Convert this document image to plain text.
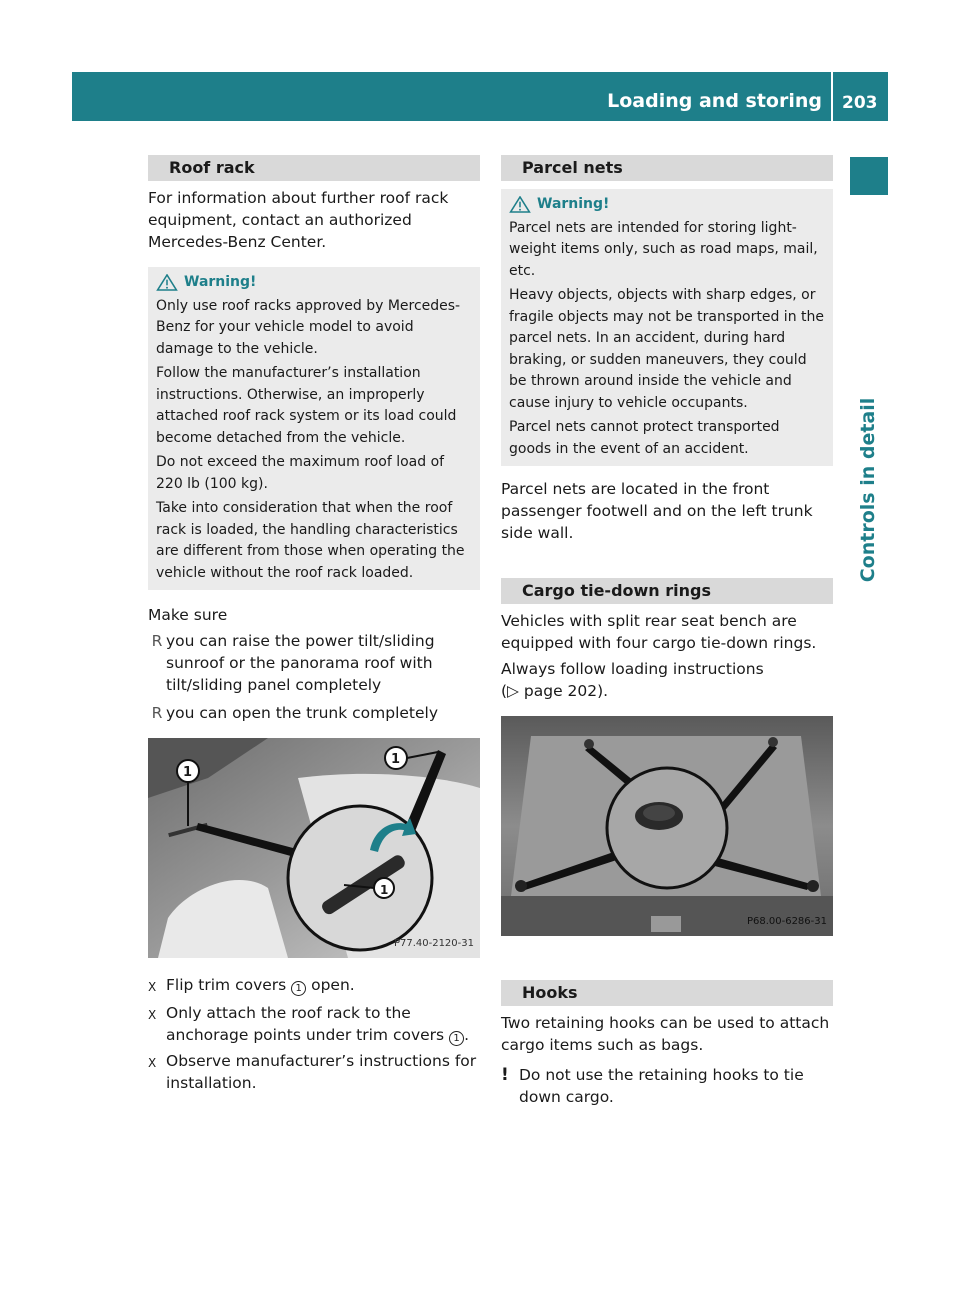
Loading and storing 203
Controls in detail
Roof rack
For information about further roof rack equipment, contact an authorized Mercedes-Benz Center.
Warning!

Only use roof racks approved by Mercedes-Benz for your vehicle model to avoid damage to the vehicle.

Follow the manufacturer’s installation instructions. Otherwise, an improperly attached roof rack system or its load could become detached from the vehicle.

Do not exceed the maximum roof load of 220 lb (100 kg).

Take into consideration that when the roof rack is loaded, the handling characteristics are different from those when operating the vehicle without the roof rack loaded.

Make sure
R you can raise the power tilt/sliding sunroof or the panorama roof with tilt/sliding panel completely
R you can open the trunk completely
1
1
1
P77.40-2120-31
X Flip trim covers 1 open.
X Only attach the roof rack to the anchorage points under trim covers 1 .
X Observe manufacturer’s instructions for installation.
Parcel nets
Warning!

Parcel nets are intended for storing light-weight items only, such as road maps, mail, etc.

Heavy objects, objects with sharp edges, or fragile objects may not be transported in the parcel nets. In an accident, during hard braking, or sudden maneuvers, they could be thrown around inside the vehicle and cause injury to vehicle occupants.

Parcel nets cannot protect transported goods in the event of an accident.

Parcel nets are located in the front passenger footwell and on the left trunk side wall.
Cargo tie-down rings
Vehicles with split rear seat bench are equipped with four cargo tie-down rings.
Always follow loading instructions
(▷ page 202).
P68.00-6286-31
Hooks
Two retaining hooks can be used to attach cargo items such as bags.
! Do not use the retaining hooks to tie down cargo.
